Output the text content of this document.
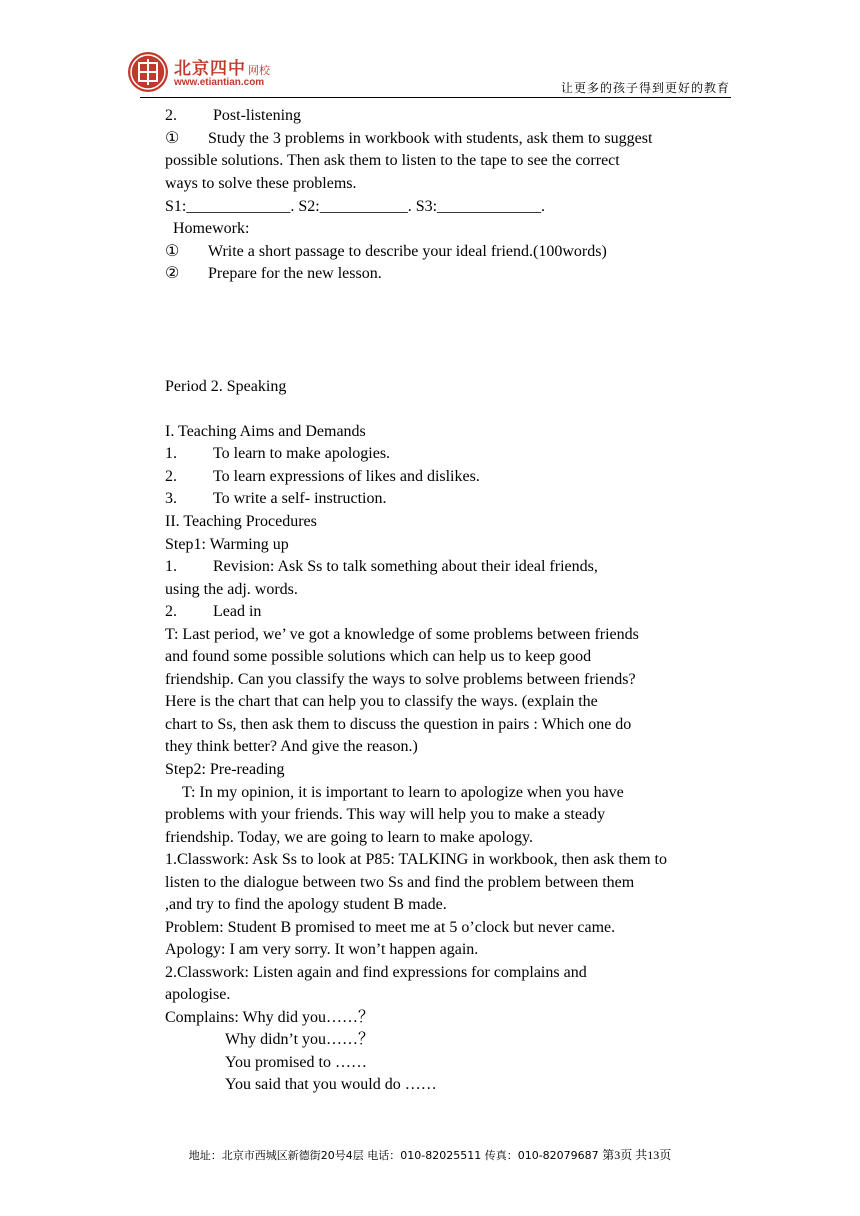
北京四中 网校
www.etiantian.com	让更多的孩子得到更好的教育
2. Post-listening
① Study the 3 problems in workbook with students, ask them to suggest
possible solutions. Then ask them to listen to the tape to see the correct
ways to solve these problems.
S1:_____________. S2:___________. S3:_____________.
Homework:
① Write a short passage to describe your ideal friend.(100words)
② Prepare for the new lesson.
Period 2. Speaking
I. Teaching Aims and Demands
1. To learn to make apologies.
2. To learn expressions of likes and dislikes.
3. To write a self- instruction.
II. Teaching Procedures
Step1: Warming up
1. Revision: Ask Ss to talk something about their ideal friends,
using the adj. words.
2. Lead in
T: Last period, we’ ve got a knowledge of some problems between friends
and found some possible solutions which can help us to keep good
friendship. Can you classify the ways to solve problems between friends?
Here is the chart that can help you to classify the ways. (explain the
chart to Ss, then ask them to discuss the question in pairs : Which one do
they think better? And give the reason.)
Step2: Pre-reading
T: In my opinion, it is important to learn to apologize when you have
problems with your friends. This way will help you to make a steady
friendship. Today, we are going to learn to make apology.
1.Classwork: Ask Ss to look at P85: TALKING in workbook, then ask them to
listen to the dialogue between two Ss and find the problem between them
,and try to find the apology student B made.
Problem: Student B promised to meet me at 5 o’clock but never came.
Apology: I am very sorry. It won’t happen again.
2.Classwork: Listen again and find expressions for complains and
apologise.
Complains: Why did you……？
Why didn’t you……？
You promised to ……
You said that you would do ……
地址：北京市西城区新德街20号4层 电话：010-82025511 传真：010-82079687 第3页 共13页
